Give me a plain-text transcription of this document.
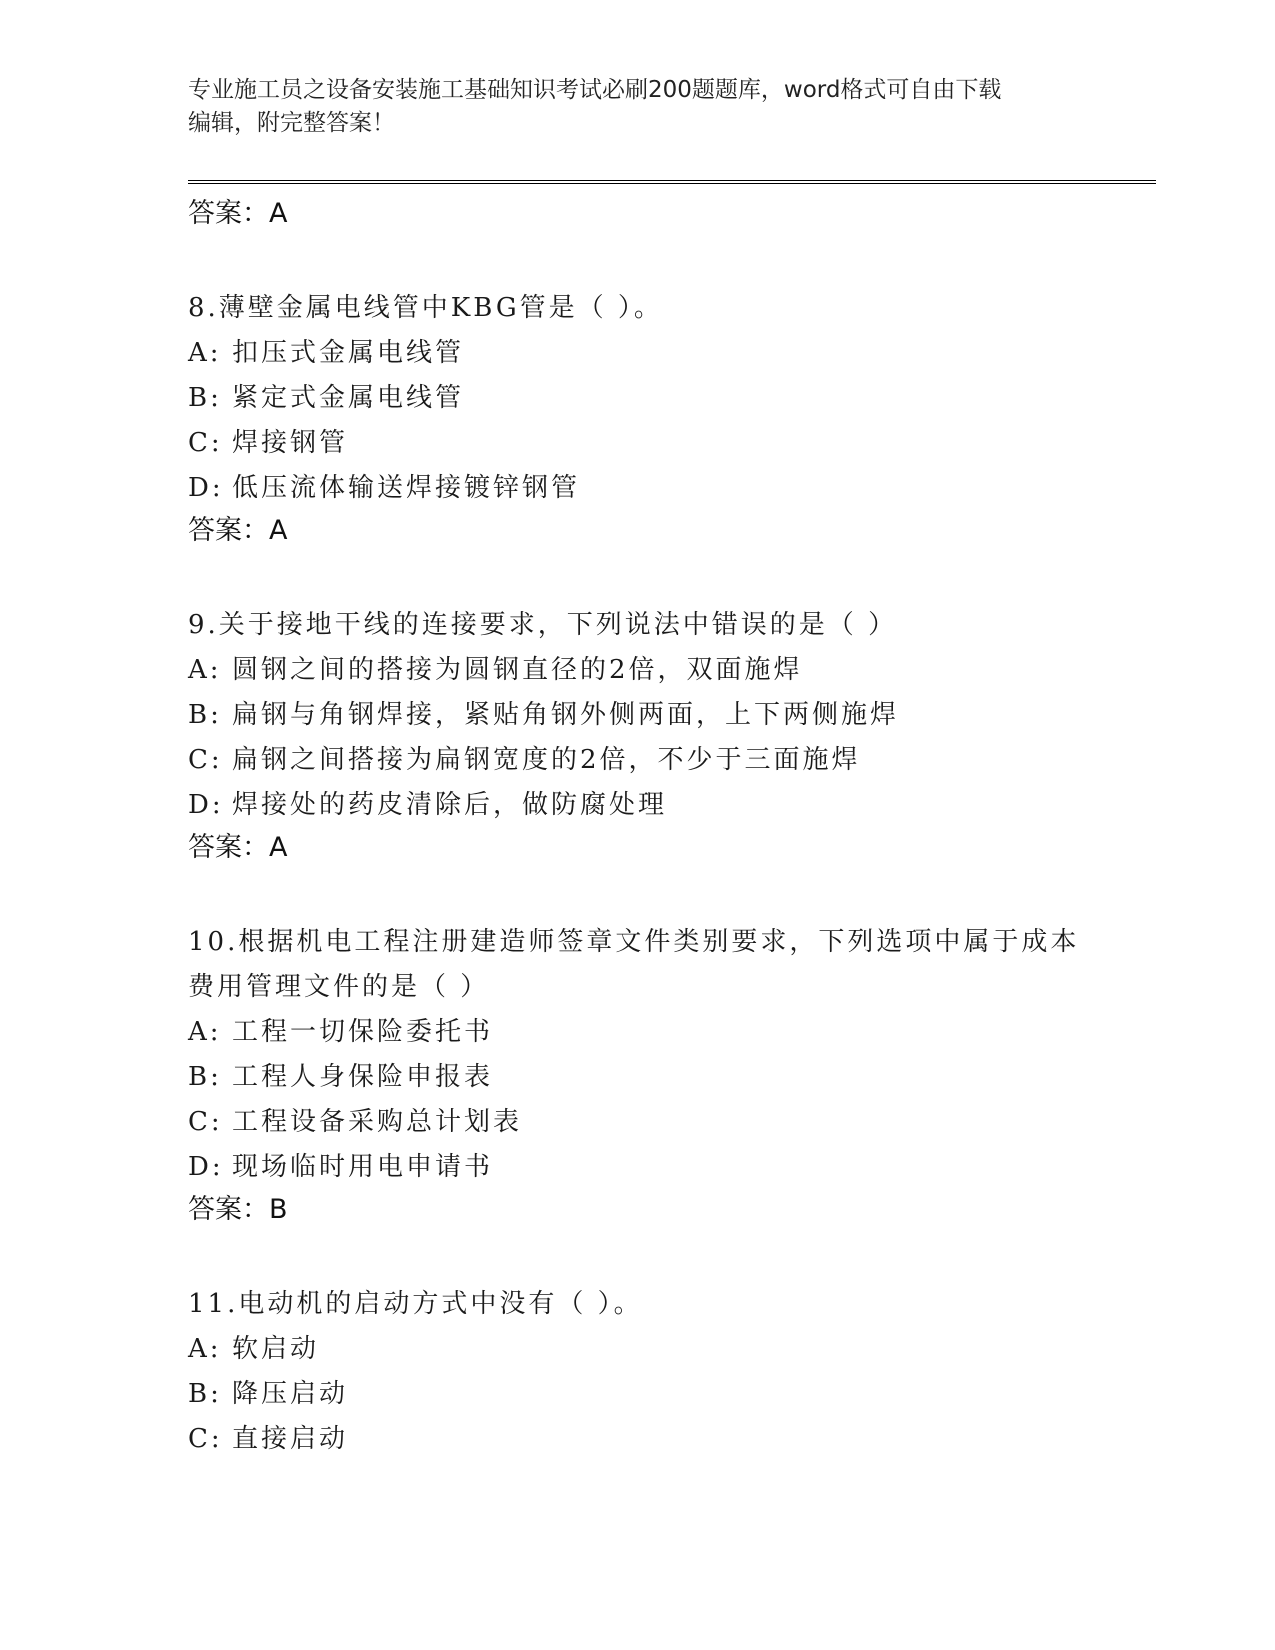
专业施工员之设备安装施工基础知识考试必刷200题题库，word格式可自由下载
编辑，附完整答案！
答案：A
8.薄壁金属电线管中KBG管是（ ）。
A: 扣压式金属电线管
B: 紧定式金属电线管
C: 焊接钢管
D: 低压流体输送焊接镀锌钢管
答案：A
9.关于接地干线的连接要求，下列说法中错误的是（ ）
A: 圆钢之间的搭接为圆钢直径的2倍，双面施焊
B: 扁钢与角钢焊接，紧贴角钢外侧两面，上下两侧施焊
C: 扁钢之间搭接为扁钢宽度的2倍，不少于三面施焊
D: 焊接处的药皮清除后，做防腐处理
答案：A
10.根据机电工程注册建造师签章文件类别要求，下列选项中属于成本
费用管理文件的是（ ）
A: 工程一切保险委托书
B: 工程人身保险申报表
C: 工程设备采购总计划表
D: 现场临时用电申请书
答案：B
11.电动机的启动方式中没有（ ）。
A: 软启动
B: 降压启动
C: 直接启动
